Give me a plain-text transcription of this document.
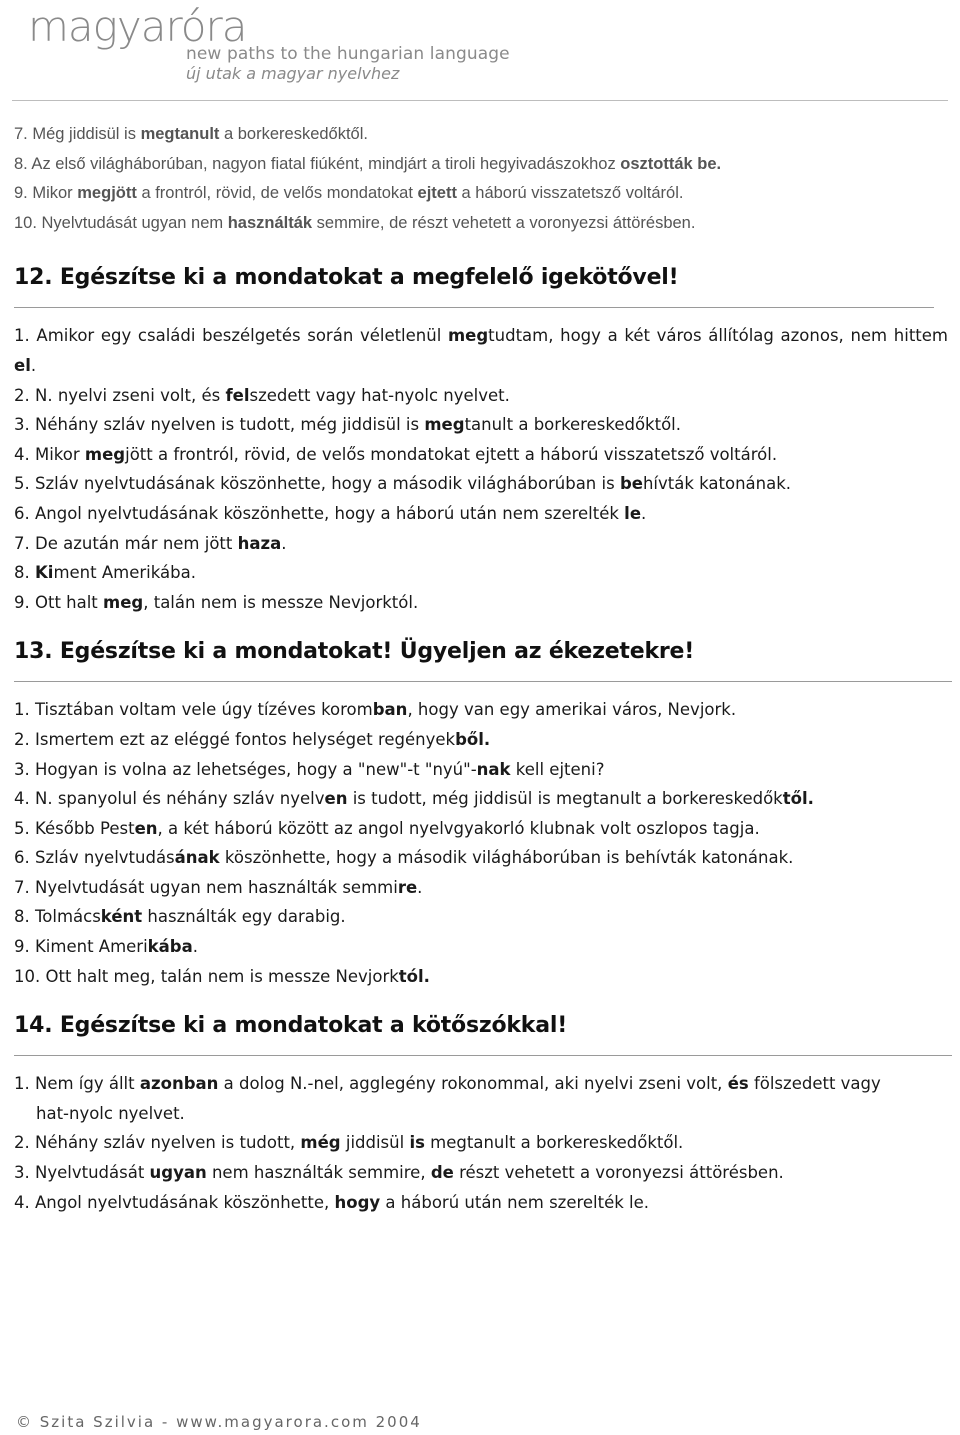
magyaróra
new paths to the hungarian language
új utak a magyar nyelvhez
7. Még jiddisül is megtanult a borkereskedőktől.
8. Az első világháborúban, nagyon fiatal fiúként, mindjárt a tiroli hegyivadászokhoz osztották be.
9. Mikor megjött a frontról, rövid, de velős mondatokat ejtett a háború visszatetsző voltáról.
10. Nyelvtudását ugyan nem használták semmire, de részt vehetett a voronyezsi áttörésben.
12. Egészítse ki a mondatokat a megfelelő igekötővel!
1. Amikor egy családi beszélgetés során véletlenül megtudtam, hogy a két város állítólag azonos, nem hittem el.
2. N. nyelvi zseni volt, és felszedett vagy hat-nyolc nyelvet.
3. Néhány szláv nyelven is tudott, még jiddisül is megtanult a borkereskedőktől.
4. Mikor megjött a frontról, rövid, de velős mondatokat ejtett a háború visszatetsző voltáról.
5. Szláv nyelvtudásának köszönhette, hogy a második világháborúban is behívták katonának.
6. Angol nyelvtudásának köszönhette, hogy a háború után nem szerelték le.
7. De azután már nem jött haza.
8. Kiment Amerikába.
9. Ott halt meg, talán nem is messze Nevjorktól.
13. Egészítse ki a mondatokat! Ügyeljen az ékezetekre!
1. Tisztában voltam vele úgy tízéves koromban, hogy van egy amerikai város, Nevjork.
2. Ismertem ezt az eléggé fontos helységet regényekből.
3. Hogyan is volna az lehetséges, hogy a "new"-t "nyú"-nak kell ejteni?
4. N. spanyolul és néhány szláv nyelven is tudott, még jiddisül is megtanult a borkereskedőktől.
5. Később Pesten, a két háború között az angol nyelvgyakorló klubnak volt oszlopos tagja.
6. Szláv nyelvtudásának köszönhette, hogy a második világháborúban is behívták katonának.
7. Nyelvtudását ugyan nem használták semmire.
8. Tolmácsként használták egy darabig.
9. Kiment Amerikába.
10. Ott halt meg, talán nem is messze Nevjorktól.
14. Egészítse ki a mondatokat a kötőszókkal!
1. Nem így állt azonban a dolog N.-nel, agglegény rokonommal, aki nyelvi zseni volt, és fölszedett vagy hat-nyolc nyelvet.
2. Néhány szláv nyelven is tudott, még jiddisül is megtanult a borkereskedőktől.
3. Nyelvtudását ugyan nem használták semmire, de részt vehetett a voronyezsi áttörésben.
4. Angol nyelvtudásának köszönhette, hogy a háború után nem szerelték le.
© Szita Szilvia - www.magyarora.com 2004
